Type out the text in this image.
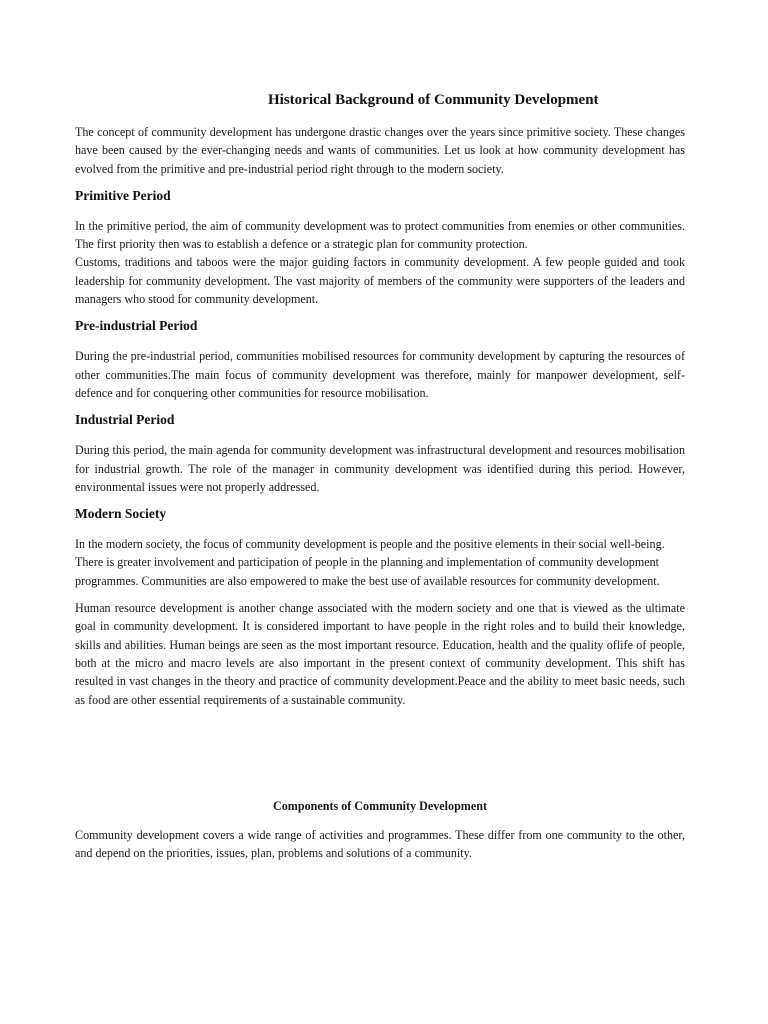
Historical Background of Community Development

The concept of community development has undergone drastic changes over the years since primitive society. These changes have been caused by the ever-changing needs and wants of communities. Let us look at how community development has evolved from the primitive and pre-industrial period right through to the modern society.

Primitive Period

In the primitive period, the aim of community development was to protect communities from enemies or other communities. The first priority then was to establish a defence or a strategic plan for community protection.

Customs, traditions and taboos were the major guiding factors in community development. A few people guided and took leadership for community development. The vast majority of members of the community were supporters of the leaders and managers who stood for community development.

Pre-industrial Period

During the pre-industrial period, communities mobilised resources for community development by capturing the resources of other communities.The main focus of community development was therefore, mainly for manpower development, self- defence and for conquering other communities for resource mobilisation.

Industrial Period

During this period, the main agenda for community development was infrastructural development and resources mobilisation for industrial growth. The role of the manager in community development was identified during this period. However, environmental issues were not properly addressed.

Modern Society

In the modern society, the focus of community development is people and the positive elements in their social well-being. There is greater involvement and participation of people in the planning and implementation of community development programmes. Communities are also empowered to make the best use of available resources for community development.

Human resource development is another change associated with the modern society and one that is viewed as the ultimate goal in community development. It is considered important to have people in the right roles and to build their knowledge, skills and abilities. Human beings are seen as the most important resource. Education, health and the quality oflife of people, both at the micro and macro levels are also important in the present context of community development. This shift has resulted in vast changes in the theory and practice of community development.Peace and the ability to meet basic needs, such as food are other essential requirements of a sustainable community.

Components of Community Development

Community development covers a wide range of activities and programmes. These differ from one community to the other, and depend on the priorities, issues, plan, problems and solutions of a community.
